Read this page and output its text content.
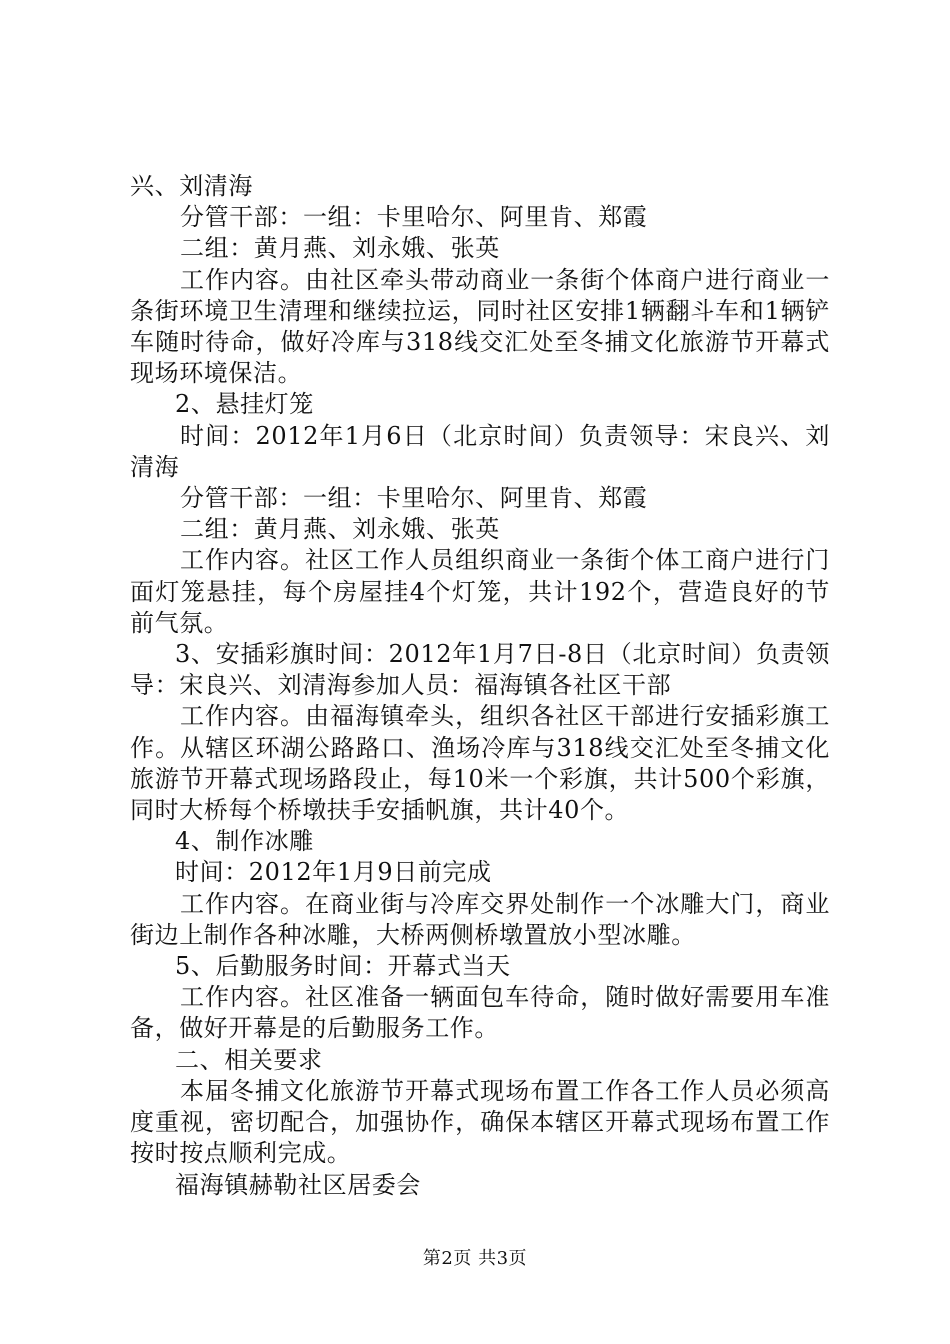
兴、刘清海

分管干部：一组：卡里哈尔、阿里肯、郑霞

二组：黄月燕、刘永娥、张英

工作内容。由社区牵头带动商业一条街个体商户进行商业一条街环境卫生清理和继续拉运，同时社区安排1辆翻斗车和1辆铲车随时待命，做好冷库与318线交汇处至冬捕文化旅游节开幕式现场环境保洁。

2、悬挂灯笼

时间：2012年1月6日（北京时间）负责领导：宋良兴、刘清海

分管干部：一组：卡里哈尔、阿里肯、郑霞

二组：黄月燕、刘永娥、张英

工作内容。社区工作人员组织商业一条街个体工商户进行门面灯笼悬挂，每个房屋挂4个灯笼，共计192个，营造良好的节前气氛。

3、安插彩旗时间：2012年1月7日-8日（北京时间）负责领导：宋良兴、刘清海参加人员：福海镇各社区干部

工作内容。由福海镇牵头，组织各社区干部进行安插彩旗工作。从辖区环湖公路路口、渔场冷库与318线交汇处至冬捕文化旅游节开幕式现场路段止，每10米一个彩旗，共计500个彩旗，同时大桥每个桥墩扶手安插帆旗，共计40个。

4、制作冰雕

时间：2012年1月9日前完成

工作内容。在商业街与冷库交界处制作一个冰雕大门，商业街边上制作各种冰雕，大桥两侧桥墩置放小型冰雕。

5、后勤服务时间：开幕式当天

工作内容。社区准备一辆面包车待命，随时做好需要用车准备，做好开幕是的后勤服务工作。

二、相关要求

本届冬捕文化旅游节开幕式现场布置工作各工作人员必须高度重视，密切配合，加强协作，确保本辖区开幕式现场布置工作按时按点顺利完成。

福海镇赫勒社区居委会

第2页 共3页
